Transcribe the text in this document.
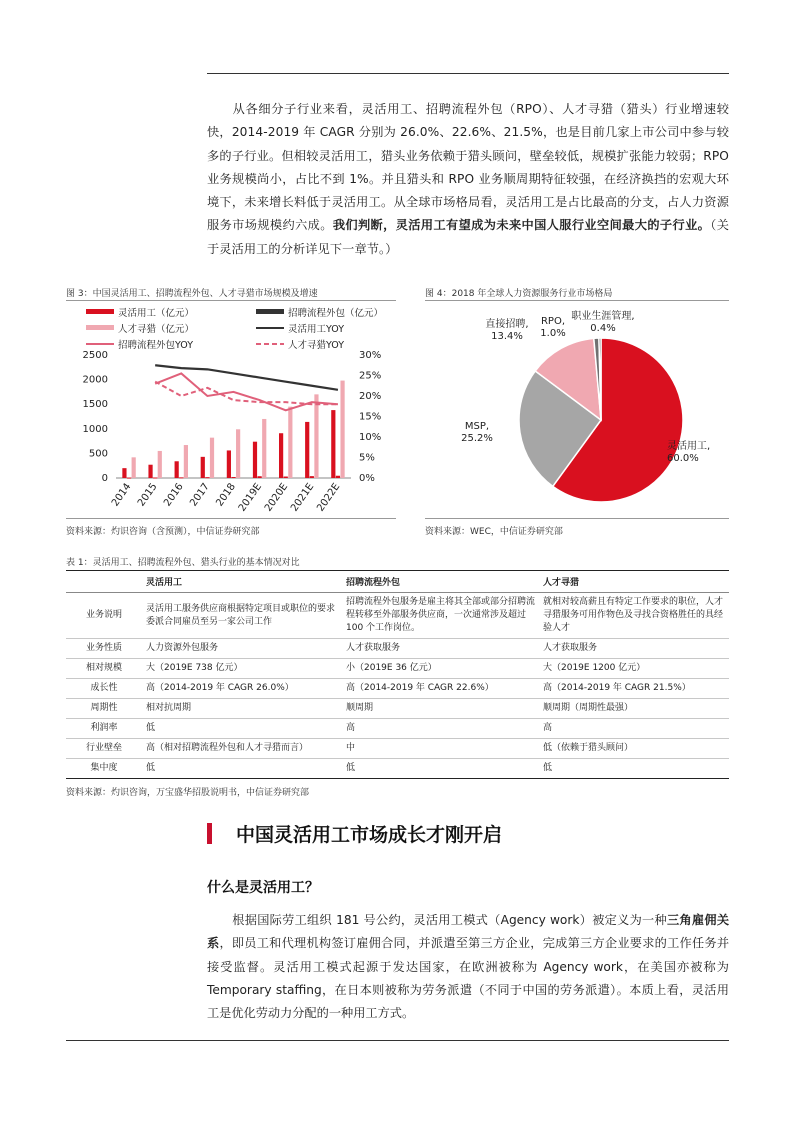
从各细分子行业来看，灵活用工、招聘流程外包（RPO）、人才寻猎（猎头）行业增速较快，2014-2019 年 CAGR 分别为 26.0%、22.6%、21.5%，也是目前几家上市公司中参与较多的子行业。但相较灵活用工，猎头业务依赖于猎头顾问，壁垒较低，规模扩张能力较弱；RPO 业务规模尚小，占比不到 1%。并且猎头和 RPO 业务顺周期特征较强，在经济换挡的宏观大环境下，未来增长料低于灵活用工。从全球市场格局看，灵活用工是占比最高的分支，占人力资源服务市场规模约六成。我们判断，灵活用工有望成为未来中国人服行业空间最大的子行业。（关于灵活用工的分析详见下一章节。）

图 3：中国灵活用工、招聘流程外包、人才寻猎市场规模及增速
灵活用工（亿元）	招聘流程外包（亿元）
人才寻猎（亿元）	灵活用工YOY
招聘流程外包YOY	人才寻猎YOY
0
500
1000
1500
2000
2500
0%
5%
10%
15%
20%
25%
30%
2014 2015 2016 2017 2018
2019E
2020E
2021E
2022E
资料来源：灼识咨询（含预测），中信证券研究部
图 4：2018 年全球人力资源服务行业市场格局
灵活用工,
60.0%
MSP,
25.2%
直接招聘,
13.4%
RPO,
1.0%
职业生涯管理,
0.4%
资料来源：WEC，中信证券研究部
表 1：灵活用工、招聘流程外包、猎头行业的基本情况对比
	灵活用工	招聘流程外包	人才寻猎
业务说明	灵活用工服务供应商根据特定项目或职位的要求委派合同雇员至另一家公司工作	招聘流程外包服务是雇主将其全部或部分招聘流程转移至外部服务供应商，一次通常涉及超过 100 个工作岗位。	就相对较高薪且有特定工作要求的职位，人才寻猎服务可用作物色及寻找合资格胜任的具经验人才
业务性质	人力资源外包服务	人才获取服务	人才获取服务
相对规模	大（2019E 738 亿元）	小（2019E 36 亿元）	大（2019E 1200 亿元）
成长性	高（2014-2019 年 CAGR 26.0%）	高（2014-2019 年 CAGR 22.6%）	高（2014-2019 年 CAGR 21.5%）
周期性	相对抗周期	顺周期	顺周期（周期性最强）
利润率	低	高	高
行业壁垒	高（相对招聘流程外包和人才寻猎而言）	中	低（依赖于猎头顾问）
集中度	低	低	低
资料来源：灼识咨询，万宝盛华招股说明书，中信证券研究部
中国灵活用工市场成长才刚开启
什么是灵活用工？

根据国际劳工组织 181 号公约，灵活用工模式（Agency work）被定义为一种三角雇佣关系，即员工和代理机构签订雇佣合同，并派遣至第三方企业，完成第三方企业要求的工作任务并接受监督。灵活用工模式起源于发达国家，在欧洲被称为 Agency work，在美国亦被称为 Temporary staffing，在日本则被称为劳务派遣（不同于中国的劳务派遣）。本质上看，灵活用工是优化劳动力分配的一种用工方式。
